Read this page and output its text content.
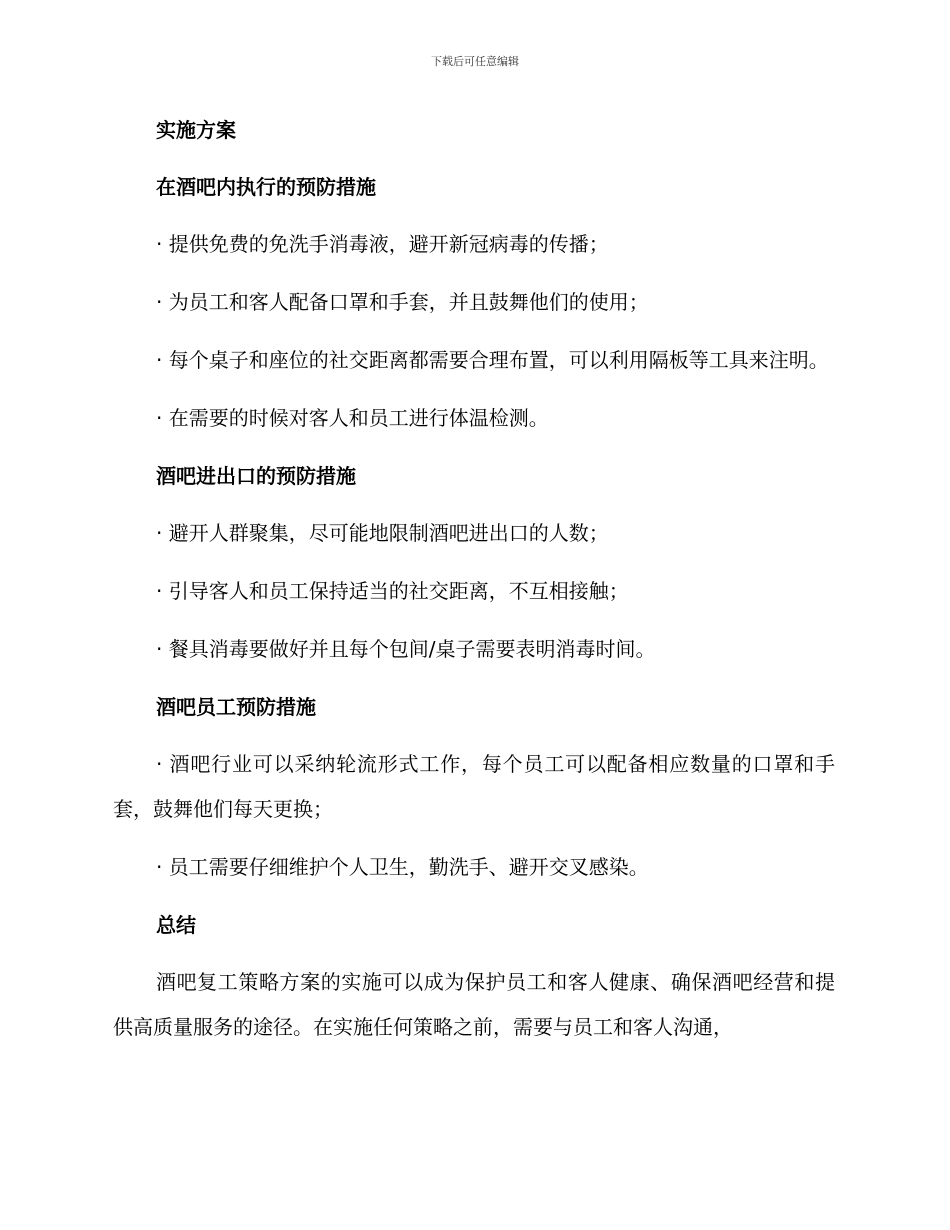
下载后可任意编辑

实施方案

在酒吧内执行的预防措施

· 提供免费的免洗手消毒液，避开新冠病毒的传播；

· 为员工和客人配备口罩和手套，并且鼓舞他们的使用；

· 每个桌子和座位的社交距离都需要合理布置，可以利用隔板等工具来注明。

· 在需要的时候对客人和员工进行体温检测。

酒吧进出口的预防措施

· 避开人群聚集，尽可能地限制酒吧进出口的人数；

· 引导客人和员工保持适当的社交距离，不互相接触；

· 餐具消毒要做好并且每个包间/桌子需要表明消毒时间。

酒吧员工预防措施

· 酒吧行业可以采纳轮流形式工作，每个员工可以配备相应数量的口罩和手套，鼓舞他们每天更换；

· 员工需要仔细维护个人卫生，勤洗手、避开交叉感染。

总结

酒吧复工策略方案的实施可以成为保护员工和客人健康、确保酒吧经营和提供高质量服务的途径。在实施任何策略之前，需要与员工和客人沟通，
